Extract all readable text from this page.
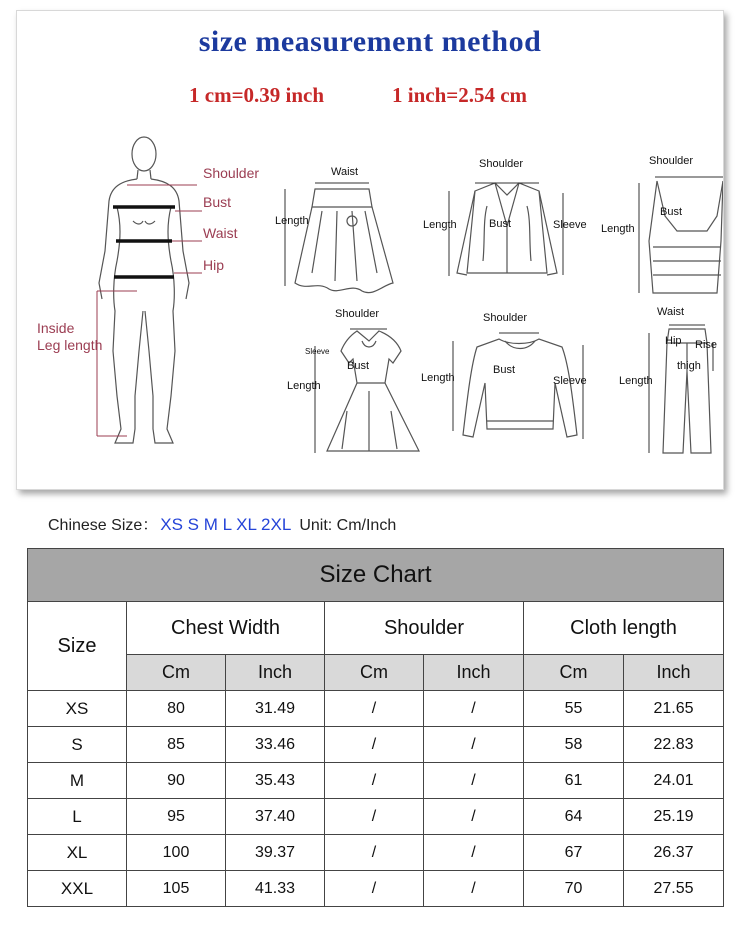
size measurement method
1 cm=0.39 inch	1 inch=2.54 cm
Shoulder
Bust
Waist
Hip
Inside
Leg length
Waist
Length
Shoulder
Length	Bust	Sleeve
Shoulder
Bust
Length
Shoulder
Sleeve
Bust
Length
Shoulder
Length
Bust
Sleeve
Waist
Hip Rise
thigh
Length
Chinese Size： XS S M L XL 2XL Unit: Cm/Inch
Size Chart						
Size	Chest Width		Shoulder		Cloth length	
	Cm	Inch	Cm	Inch	Cm	Inch
XS	80	31.49	/	/	55	21.65
S	85	33.46	/	/	58	22.83
M	90	35.43	/	/	61	24.01
L	95	37.40	/	/	64	25.19
XL	100	39.37	/	/	67	26.37
XXL	105	41.33	/	/	70	27.55
